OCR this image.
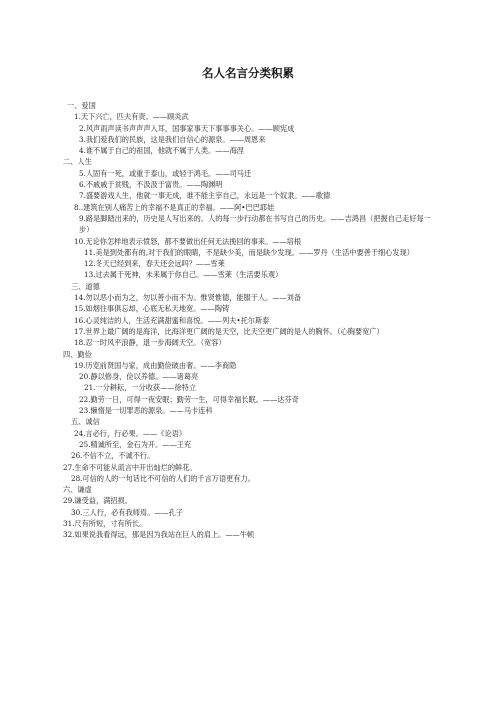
名人名言分类积累
一、爱国
1.天下兴亡，匹夫有责。——顾炎武
2.风声雨声读书声声声入耳，国事家事天下事事事关心。——顾宪成
3.我们爱我们的民族，这是我们自信心的源泉。——周恩来
4.谁不属于自己的祖国，他就不属于人类。——海涅
二、人生
5.人固有一死，或重于泰山，或轻于鸿毛。——司马迁
6.不戚戚于贫贱，不汲汲于富贵。——陶渊明
7.盛要游戏人生，他就一事无成，谁不能主宰自己，永远是一个奴隶。——歌德
8..建筑在别人痛苦上的幸福不是真正的幸福。——阿•巴巴耶娃
9.路是脚踏出来的，历史是人写出来的。人的每一步行动都在书写自己的历史。——吉鸿昌（把握自己走好每一步）
10.无论你怎样地表示愤怒，都不要做出任何无法挽回的事来。——培根
11.美是到处都有的,对于我们的眼睛，不是缺少美，而是缺少发现。——罗丹（生活中要善于细心发现）
12.冬天已经到来，春天还会远吗？——雪莱
13.过去属于死神，未来属于你自己。——雪莱（生活要乐观）
三、道德
14.勿以恶小而为之，勿以善小而不为。惟贤惟德，能服于人。——刘备
15.如烟往事俱忘却，心底无私天地宽。——陶铸
16.心灵纯洁的人，生活充满甜蜜和喜悦。——列夫•托尔斯泰
17.世界上最广阔的是海洋，比海洋更广阔的是天空，比天空更广阔的是人的胸怀。（心胸要宽广）
18.忍一时风平浪静，退一步海阔天空。（宽容）
四、勤俭
19.历览前贤国与家，成由勤俭破由奢。——李商隐
20.静以修身，俭以养德。——诸葛亮
21.一分耕耘，一分收获——徐特立
22.勤劳一日，可得一夜安眠；勤劳一生，可得幸福长眠。——达芬奇
23.懒惰是一切罪恶的源泉。——马卡连科
五、诚信
24.言必行，行必果。——《论语》
25.精诚所至，金石为开。——王充
26.不信不立，不诚不行。
27.生命不可能从谎言中开出灿烂的鲜花。
28.可信的人的一句话比不可信的人们的千言万语更有力。
六、谦虚
29.谦受益，满招损。
30.三人行，必有我师焉。——孔子
31.尺有所短，寸有所长。
32.如果说我看得远，那是因为我站在巨人的肩上。——牛顿
